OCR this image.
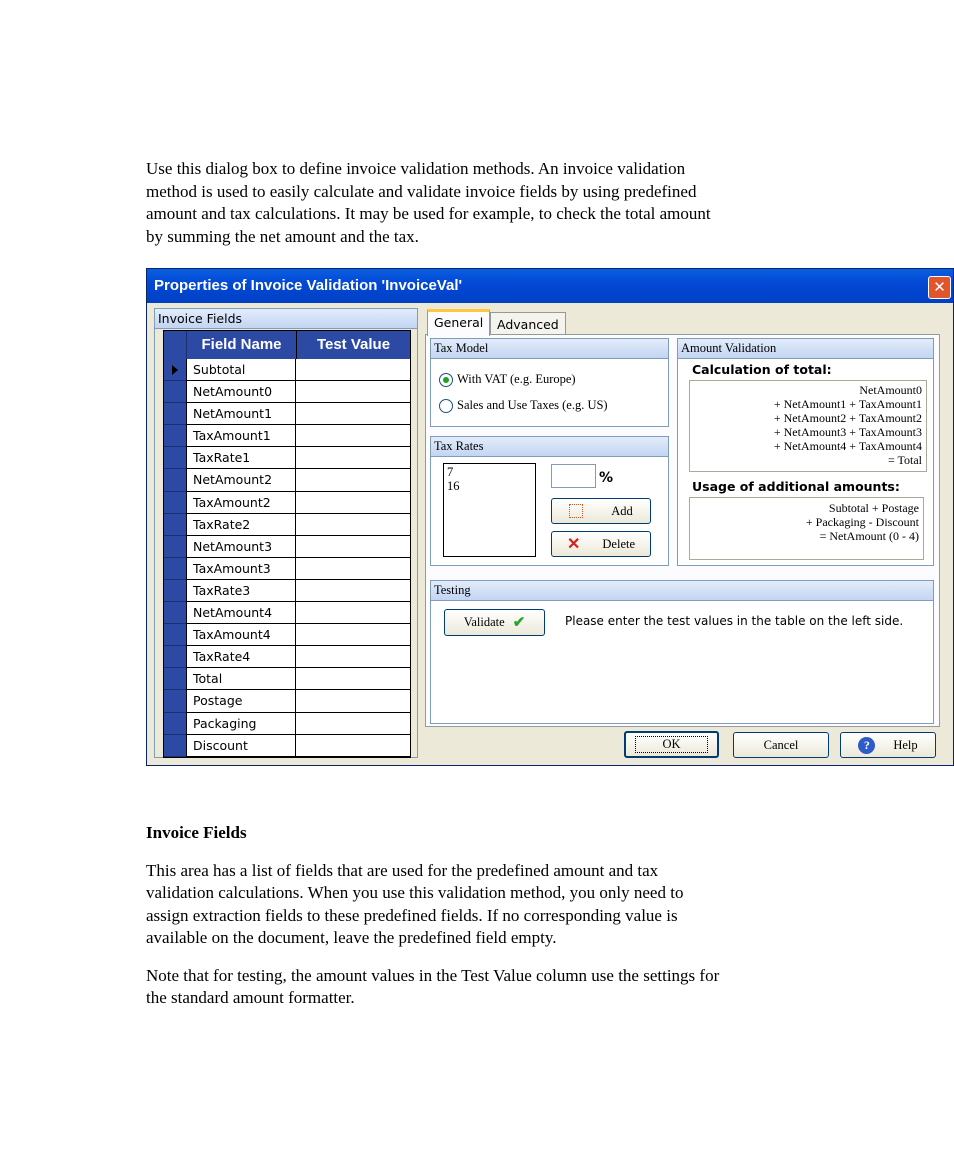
Use this dialog box to define invoice validation methods. An invoice validation

method is used to easily calculate and validate invoice fields by using predefined

amount and tax calculations. It may be used for example, to check the total amount

by summing the net amount and the tax.

Properties of Invoice Validation 'InvoiceVal'	✕
Invoice Fields
Field Name	Test Value
Subtotal
NetAmount0
NetAmount1
TaxAmount1
TaxRate1
NetAmount2
TaxAmount2
TaxRate2
NetAmount3
TaxAmount3
TaxRate3
NetAmount4
TaxAmount4
TaxRate4
Total
Postage
Packaging
Discount
General	Advanced
Tax Model
With VAT (e.g. Europe)
Sales and Use Taxes (e.g. US)
Tax Rates
7
16	%
Add
✕ Delete
Amount Validation
Calculation of total:
NetAmount0
+ NetAmount1 + TaxAmount1
+ NetAmount2 + TaxAmount2
+ NetAmount3 + TaxAmount3
+ NetAmount4 + TaxAmount4
= Total
Usage of additional amounts:
Subtotal + Postage
+ Packaging - Discount
= NetAmount (0 - 4)
Testing
Validate ✔	Please enter the test values in the table on the left side.
OK	Cancel	?	Help

Invoice Fields

This area has a list of fields that are used for the predefined amount and tax

validation calculations. When you use this validation method, you only need to

assign extraction fields to these predefined fields. If no corresponding value is

available on the document, leave the predefined field empty.

Note that for testing, the amount values in the Test Value column use the settings for

the standard amount formatter.
